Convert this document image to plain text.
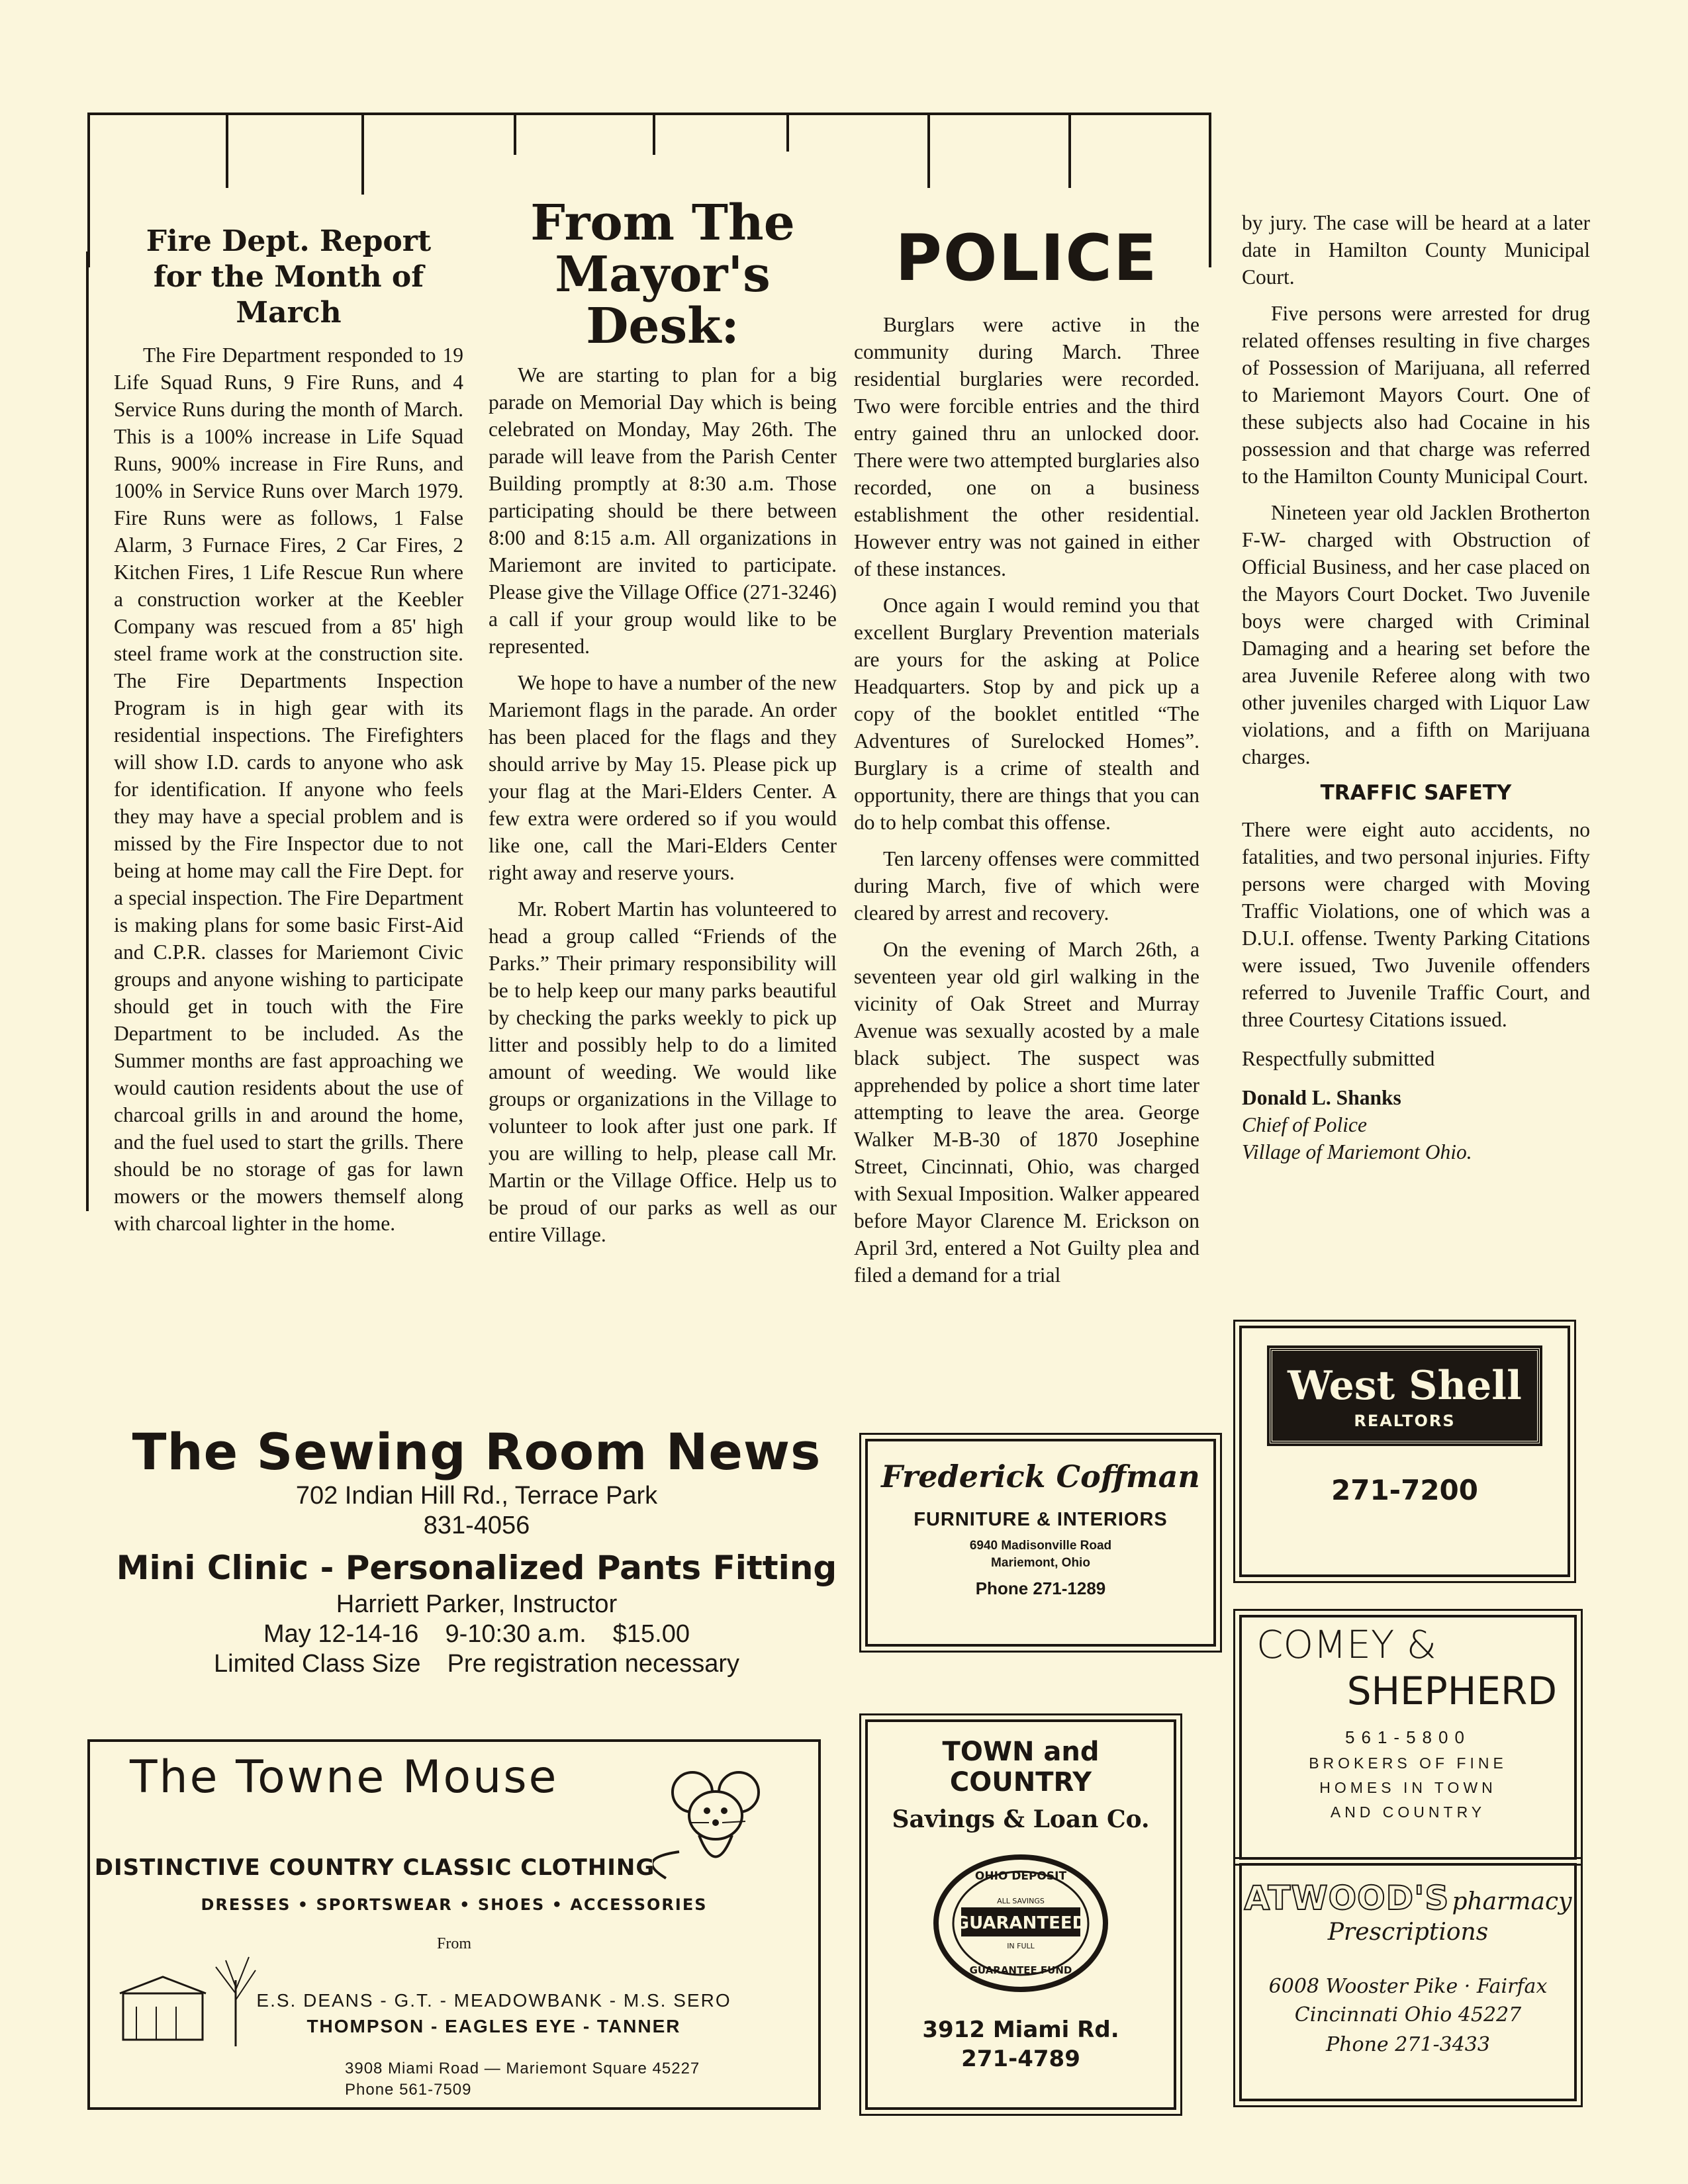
Fire Dept. Report
for the Month of March

The Fire Department responded to 19 Life Squad Runs, 9 Fire Runs, and 4 Service Runs during the month of March. This is a 100% increase in Life Squad Runs, 900% increase in Fire Runs, and 100% in Service Runs over March 1979. Fire Runs were as follows, 1 False Alarm, 3 Furnace Fires, 2 Car Fires, 2 Kitchen Fires, 1 Life Rescue Run where a construction worker at the Keebler Company was rescued from a 85' high steel frame work at the construction site. The Fire Departments Inspection Program is in high gear with its residential inspections. The Firefighters will show I.D. cards to anyone who ask for identification. If anyone who feels they may have a special problem and is missed by the Fire Inspector due to not being at home may call the Fire Dept. for a special inspection. The Fire Department is making plans for some basic First-Aid and C.P.R. classes for Mariemont Civic groups and anyone wishing to participate should get in touch with the Fire Department to be included. As the Summer months are fast approaching we would caution residents about the use of charcoal grills in and around the home, and the fuel used to start the grills. There should be no storage of gas for lawn mowers or the mowers themself along with charcoal lighter in the home.

From The
Mayor's Desk:

We are starting to plan for a big parade on Memorial Day which is being celebrated on Monday, May 26th. The parade will leave from the Parish Center Building promptly at 8:30 a.m. Those participating should be there between 8:00 and 8:15 a.m. All organizations in Mariemont are invited to participate. Please give the Village Office (271-3246) a call if your group would like to be represented.

We hope to have a number of the new Mariemont flags in the parade. An order has been placed for the flags and they should arrive by May 15. Please pick up your flag at the Mari-Elders Center. A few extra were ordered so if you would like one, call the Mari-Elders Center right away and reserve yours.

Mr. Robert Martin has volunteered to head a group called “Friends of the Parks.” Their primary responsibility will be to help keep our many parks beautiful by checking the parks weekly to pick up litter and possibly help to do a limited amount of weeding. We would like groups or organizations in the Village to volunteer to look after just one park. If you are willing to help, please call Mr. Martin or the Village Office. Help us to be proud of our parks as well as our entire Village.

POLICE

Burglars were active in the community during March. Three residential burglaries were recorded. Two were forcible entries and the third entry gained thru an unlocked door. There were two attempted burglaries also recorded, one on a business establishment the other residential. However entry was not gained in either of these instances.

Once again I would remind you that excellent Burglary Prevention materials are yours for the asking at Police Headquarters. Stop by and pick up a copy of the booklet entitled “The Adventures of Surelocked Homes”. Burglary is a crime of stealth and opportunity, there are things that you can do to help combat this offense.

Ten larceny offenses were committed during March, five of which were cleared by arrest and recovery.

On the evening of March 26th, a seventeen year old girl walking in the vicinity of Oak Street and Murray Avenue was sexually acosted by a male black subject. The suspect was apprehended by police a short time later attempting to leave the area. George Walker M-B-30 of 1870 Josephine Street, Cincinnati, Ohio, was charged with Sexual Imposition. Walker appeared before Mayor Clarence M. Erickson on April 3rd, entered a Not Guilty plea and filed a demand for a trial

by jury. The case will be heard at a later date in Hamilton County Municipal Court.

Five persons were arrested for drug related offenses resulting in five charges of Possession of Marijuana, all referred to Mariemont Mayors Court. One of these subjects also had Cocaine in his possession and that charge was referred to the Hamilton County Municipal Court.

Nineteen year old Jacklen Brotherton F-W- charged with Obstruction of Official Business, and her case placed on the Mayors Court Docket. Two Juvenile boys were charged with Criminal Damaging and a hearing set before the area Juvenile Referee along with two other juveniles charged with Liquor Law violations, and a fifth on Marijuana charges.

TRAFFIC SAFETY

There were eight auto accidents, no fatalities, and two personal injuries. Fifty persons were charged with Moving Traffic Violations, one of which was a D.U.I. offense. Twenty Parking Citations were issued, Two Juvenile offenders referred to Juvenile Traffic Court, and three Courtesy Citations issued.

Respectfully submitted

Donald L. Shanks
Chief of Police
Village of Mariemont Ohio.
The Sewing Room News
702 Indian Hill Rd., Terrace Park
831-4056
Mini Clinic - Personalized Pants Fitting
Harriett Parker, Instructor
May 12-14-16 9-10:30 a.m. $15.00
Limited Class Size Pre registration necessary
The Towne Mouse
DISTINCTIVE COUNTRY CLASSIC CLOTHING
DRESSES • SPORTSWEAR • SHOES • ACCESSORIES
From
E.S. DEANS - G.T. - MEADOWBANK - M.S. SERO
THOMPSON - EAGLES EYE - TANNER
3908 Miami Road — Mariemont Square 45227
Phone 561-7509
Frederick Coffman
FURNITURE & INTERIORS
6940 Madisonville Road
Mariemont, Ohio
Phone 271-1289
TOWN and COUNTRY
Savings & Loan Co.
OHIO DEPOSIT
ALL SAVINGS
GUARANTEED
IN FULL
GUARANTEE FUND
3912 Miami Rd.
271-4789
West Shell
REALTORS
271-7200
COMEY &
SHEPHERD
561-5800
BROKERS OF FINE
HOMES IN TOWN
AND COUNTRY
ATWOOD'S pharmacy
Prescriptions
6008 Wooster Pike · Fairfax
Cincinnati Ohio 45227
Phone 271-3433
